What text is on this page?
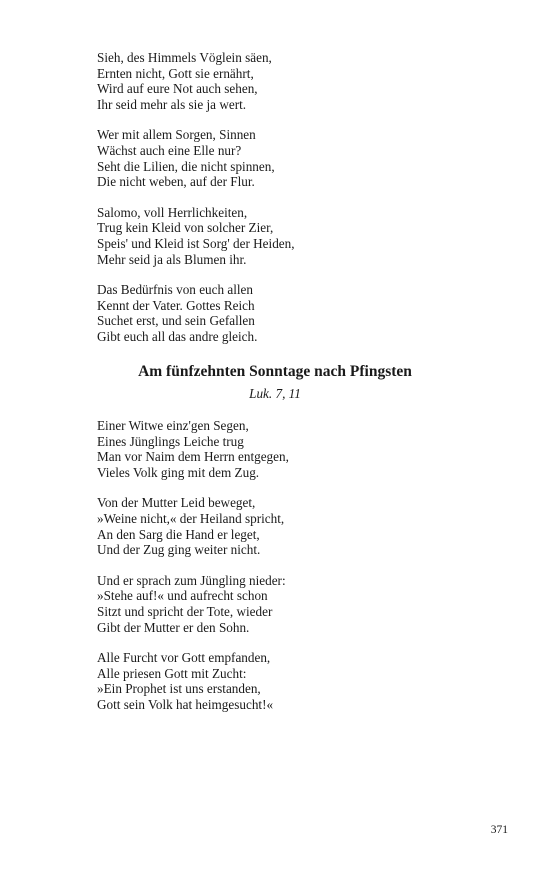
Sieh, des Himmels Vöglein säen,
Ernten nicht, Gott sie ernährt,
Wird auf eure Not auch sehen,
Ihr seid mehr als sie ja wert.
Wer mit allem Sorgen, Sinnen
Wächst auch eine Elle nur?
Seht die Lilien, die nicht spinnen,
Die nicht weben, auf der Flur.
Salomo, voll Herrlichkeiten,
Trug kein Kleid von solcher Zier,
Speis' und Kleid ist Sorg' der Heiden,
Mehr seid ja als Blumen ihr.
Das Bedürfnis von euch allen
Kennt der Vater. Gottes Reich
Suchet erst, und sein Gefallen
Gibt euch all das andre gleich.
Am fünfzehnten Sonntage nach Pfingsten
Luk. 7, 11
Einer Witwe einz'gen Segen,
Eines Jünglings Leiche trug
Man vor Naim dem Herrn entgegen,
Vieles Volk ging mit dem Zug.
Von der Mutter Leid beweget,
»Weine nicht,« der Heiland spricht,
An den Sarg die Hand er leget,
Und der Zug ging weiter nicht.
Und er sprach zum Jüngling nieder:
»Stehe auf!« und aufrecht schon
Sitzt und spricht der Tote, wieder
Gibt der Mutter er den Sohn.
Alle Furcht vor Gott empfanden,
Alle priesen Gott mit Zucht:
»Ein Prophet ist uns erstanden,
Gott sein Volk hat heimgesucht!«
371
